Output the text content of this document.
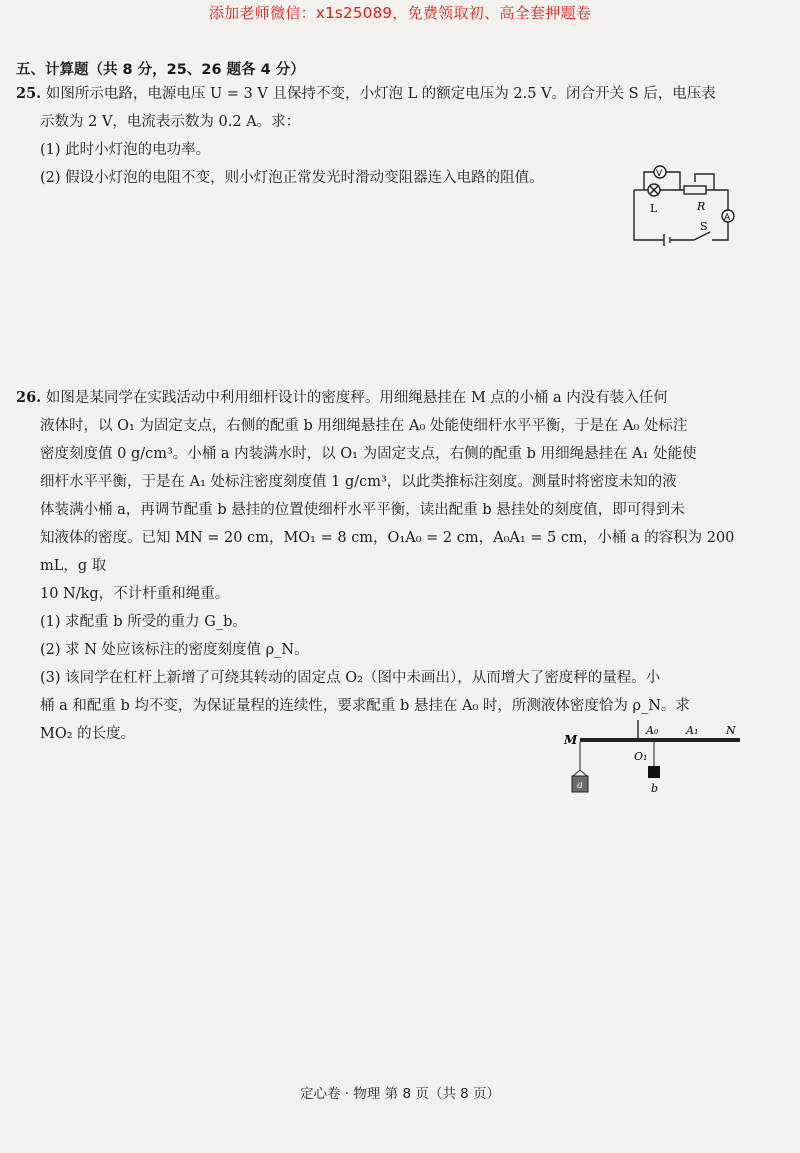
添加老师微信：x1s25089，免费领取初、高全套押题卷
五、计算题（共 8 分，25、26 题各 4 分）

25. 如图所示电路，电源电压 U = 3 V 且保持不变，小灯泡 L 的额定电压为 2.5 V。闭合开关 S 后，电压表

示数为 2 V，电流表示数为 0.2 A。求：

(1) 此时小灯泡的电功率。

(2) 假设小灯泡的电阻不变，则小灯泡正常发光时滑动变阻器连入电路的阻值。	V
A
L	R
S

26. 如图是某同学在实践活动中利用细杆设计的密度秤。用细绳悬挂在 M 点的小桶 a 内没有装入任何

液体时，以 O₁ 为固定支点，右侧的配重 b 用细绳悬挂在 A₀ 处能使细杆水平平衡，于是在 A₀ 处标注

密度刻度值 0 g/cm³。小桶 a 内装满水时，以 O₁ 为固定支点，右侧的配重 b 用细绳悬挂在 A₁ 处能使

细杆水平平衡，于是在 A₁ 处标注密度刻度值 1 g/cm³，以此类推标注刻度。测量时将密度未知的液

体装满小桶 a，再调节配重 b 悬挂的位置使细杆水平平衡，读出配重 b 悬挂处的刻度值，即可得到未

知液体的密度。已知 MN = 20 cm，MO₁ = 8 cm，O₁A₀ = 2 cm，A₀A₁ = 5 cm，小桶 a 的容积为 200 mL，g 取

10 N/kg，不计杆重和绳重。

(1) 求配重 b 所受的重力 G_b。

(2) 求 N 处应该标注的密度刻度值 ρ_N。

(3) 该同学在杠杆上新增了可绕其转动的固定点 O₂（图中未画出），从而增大了密度秤的量程。小

桶 a 和配重 b 均不变，为保证量程的连续性，要求配重 b 悬挂在 A₀ 时，所测液体密度恰为 ρ_N。求

MO₂ 的长度。	M
A₀	A₁	N
O₁
a	b
定心卷 · 物理 第 8 页（共 8 页）
